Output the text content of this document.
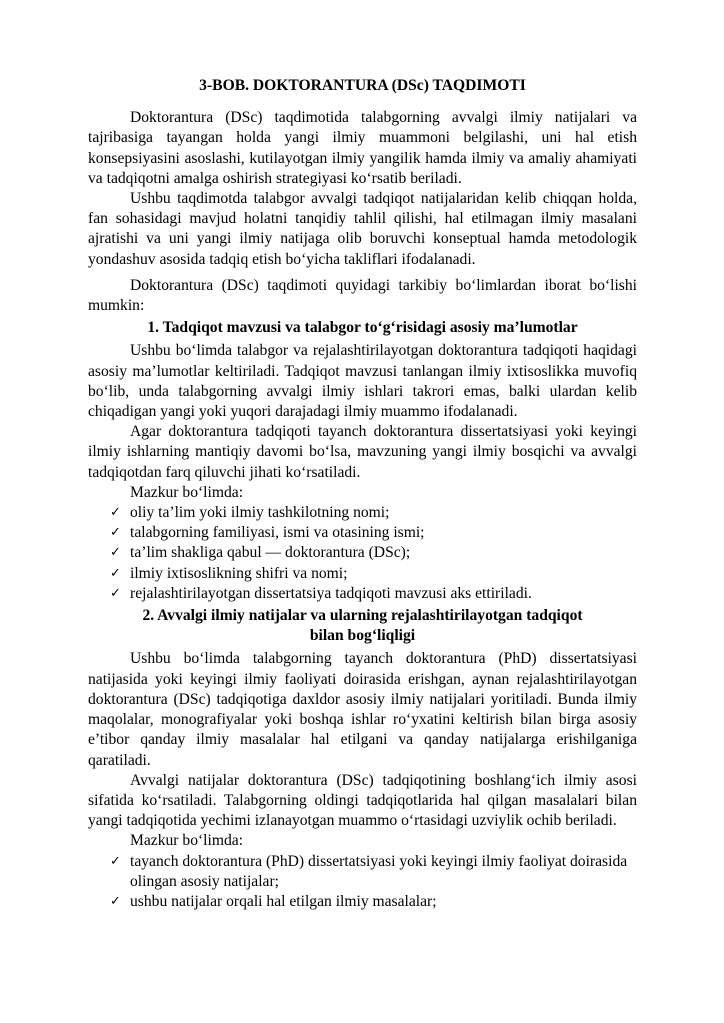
3-BOB. DOKTORANTURA (DSc) TAQDIMOTI

Doktorantura (DSc) taqdimotida talabgorning avvalgi ilmiy natijalari va tajribasiga tayangan holda yangi ilmiy muammoni belgilashi, uni hal etish konsepsiyasini asoslashi, kutilayotgan ilmiy yangilik hamda ilmiy va amaliy ahamiyati va tadqiqotni amalga oshirish strategiyasi ko‘rsatib beriladi.

Ushbu taqdimotda talabgor avvalgi tadqiqot natijalaridan kelib chiqqan holda, fan sohasidagi mavjud holatni tanqidiy tahlil qilishi, hal etilmagan ilmiy masalani ajratishi va uni yangi ilmiy natijaga olib boruvchi konseptual hamda metodologik yondashuv asosida tadqiq etish bo‘yicha takliflari ifodalanadi.

Doktorantura (DSc) taqdimoti quyidagi tarkibiy bo‘limlardan iborat bo‘lishi mumkin:

1. Tadqiqot mavzusi va talabgor to‘g‘risidagi asosiy ma’lumotlar

Ushbu bo‘limda talabgor va rejalashtirilayotgan doktorantura tadqiqoti haqidagi asosiy ma’lumotlar keltiriladi. Tadqiqot mavzusi tanlangan ilmiy ixtisoslikka muvofiq bo‘lib, unda talabgorning avvalgi ilmiy ishlari takrori emas, balki ulardan kelib chiqadigan yangi yoki yuqori darajadagi ilmiy muammo ifodalanadi.

Agar doktorantura tadqiqoti tayanch doktorantura dissertatsiyasi yoki keyingi ilmiy ishlarning mantiqiy davomi bo‘lsa, mavzuning yangi ilmiy bosqichi va avvalgi tadqiqotdan farq qiluvchi jihati ko‘rsatiladi.

Mazkur bo‘limda:

✓ oliy ta’lim yoki ilmiy tashkilotning nomi;
✓ talabgorning familiyasi, ismi va otasining ismi;
✓ ta’lim shakliga qabul — doktorantura (DSc);
✓ ilmiy ixtisoslikning shifri va nomi;
✓ rejalashtirilayotgan dissertatsiya tadqiqoti mavzusi aks ettiriladi.

2. Avvalgi ilmiy natijalar va ularning rejalashtirilayotgan tadqiqot
bilan bog‘liqligi

Ushbu bo‘limda talabgorning tayanch doktorantura (PhD) dissertatsiyasi natijasida yoki keyingi ilmiy faoliyati doirasida erishgan, aynan rejalashtirilayotgan doktorantura (DSc) tadqiqotiga daxldor asosiy ilmiy natijalari yoritiladi. Bunda ilmiy maqolalar, monografiyalar yoki boshqa ishlar ro‘yxatini keltirish bilan birga asosiy e’tibor qanday ilmiy masalalar hal etilgani va qanday natijalarga erishilganiga qaratiladi.

Avvalgi natijalar doktorantura (DSc) tadqiqotining boshlang‘ich ilmiy asosi sifatida ko‘rsatiladi. Talabgorning oldingi tadqiqotlarida hal qilgan masalalari bilan yangi tadqiqotida yechimi izlanayotgan muammo o‘rtasidagi uzviylik ochib beriladi.

Mazkur bo‘limda:

✓ tayanch doktorantura (PhD) dissertatsiyasi yoki keyingi ilmiy faoliyat doirasida olingan asosiy natijalar;
✓ ushbu natijalar orqali hal etilgan ilmiy masalalar;
